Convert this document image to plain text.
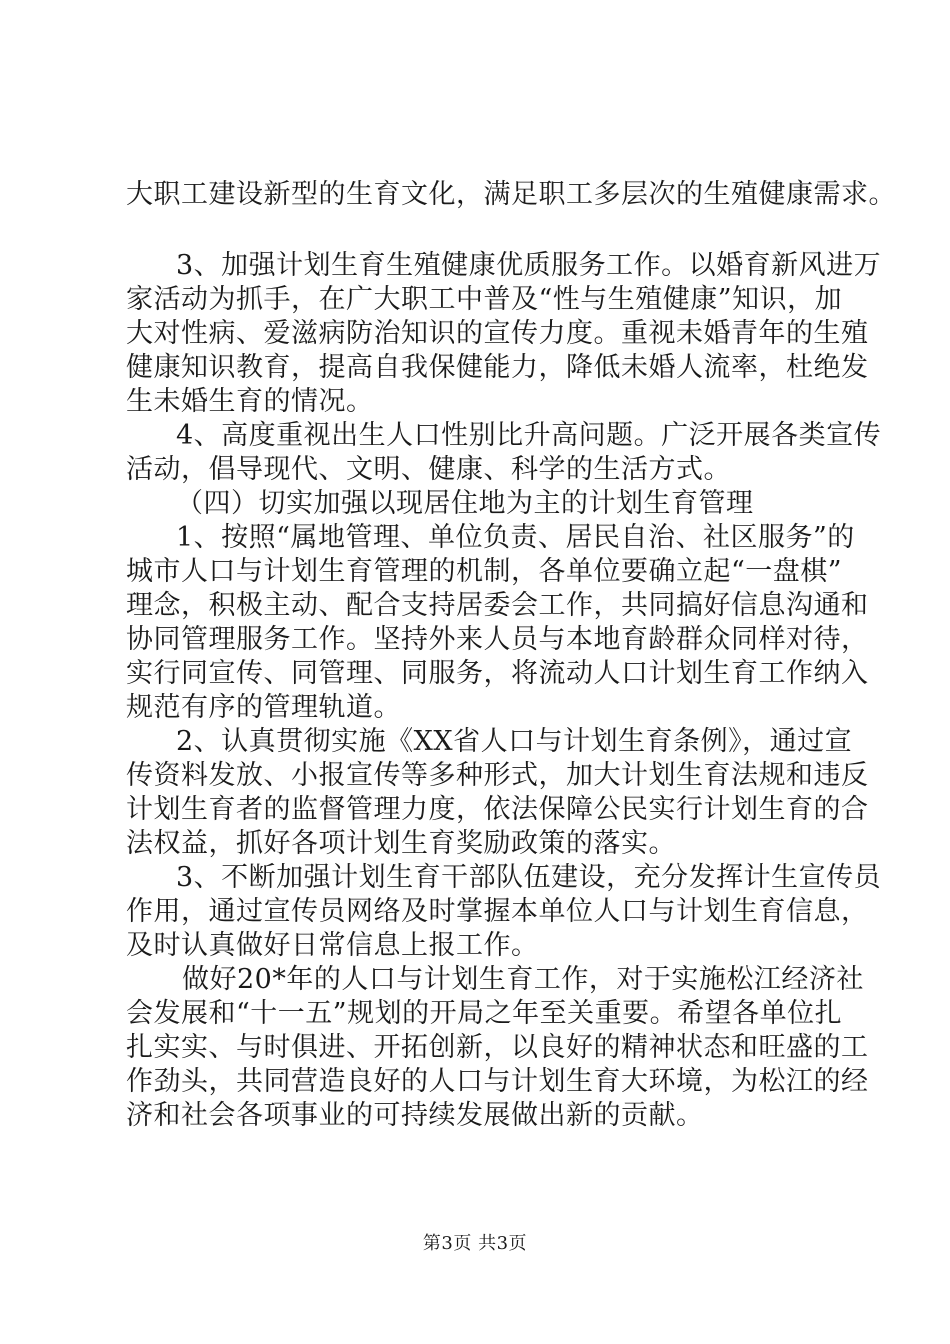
大职工建设新型的生育文化，满足职工多层次的生殖健康需求。
3、加强计划生育生殖健康优质服务工作。以婚育新风进万
家活动为抓手，在广大职工中普及“性与生殖健康”知识，加
大对性病、爱滋病防治知识的宣传力度。重视未婚青年的生殖
健康知识教育，提高自我保健能力，降低未婚人流率，杜绝发
生未婚生育的情况。
4、高度重视出生人口性别比升高问题。广泛开展各类宣传
活动，倡导现代、文明、健康、科学的生活方式。
（四）切实加强以现居住地为主的计划生育管理
1、按照“属地管理、单位负责、居民自治、社区服务”的
城市人口与计划生育管理的机制，各单位要确立起“一盘棋”
理念，积极主动、配合支持居委会工作，共同搞好信息沟通和
协同管理服务工作。坚持外来人员与本地育龄群众同样对待，
实行同宣传、同管理、同服务，将流动人口计划生育工作纳入
规范有序的管理轨道。
2、认真贯彻实施《XX省人口与计划生育条例》，通过宣
传资料发放、小报宣传等多种形式，加大计划生育法规和违反
计划生育者的监督管理力度，依法保障公民实行计划生育的合
法权益，抓好各项计划生育奖励政策的落实。
3、不断加强计划生育干部队伍建设，充分发挥计生宣传员
作用，通过宣传员网络及时掌握本单位人口与计划生育信息，
及时认真做好日常信息上报工作。
做好20*年的人口与计划生育工作，对于实施松江经济社
会发展和“十一五”规划的开局之年至关重要。希望各单位扎
扎实实、与时俱进、开拓创新，以良好的精神状态和旺盛的工
作劲头，共同营造良好的人口与计划生育大环境，为松江的经
济和社会各项事业的可持续发展做出新的贡献。
第3页 共3页
